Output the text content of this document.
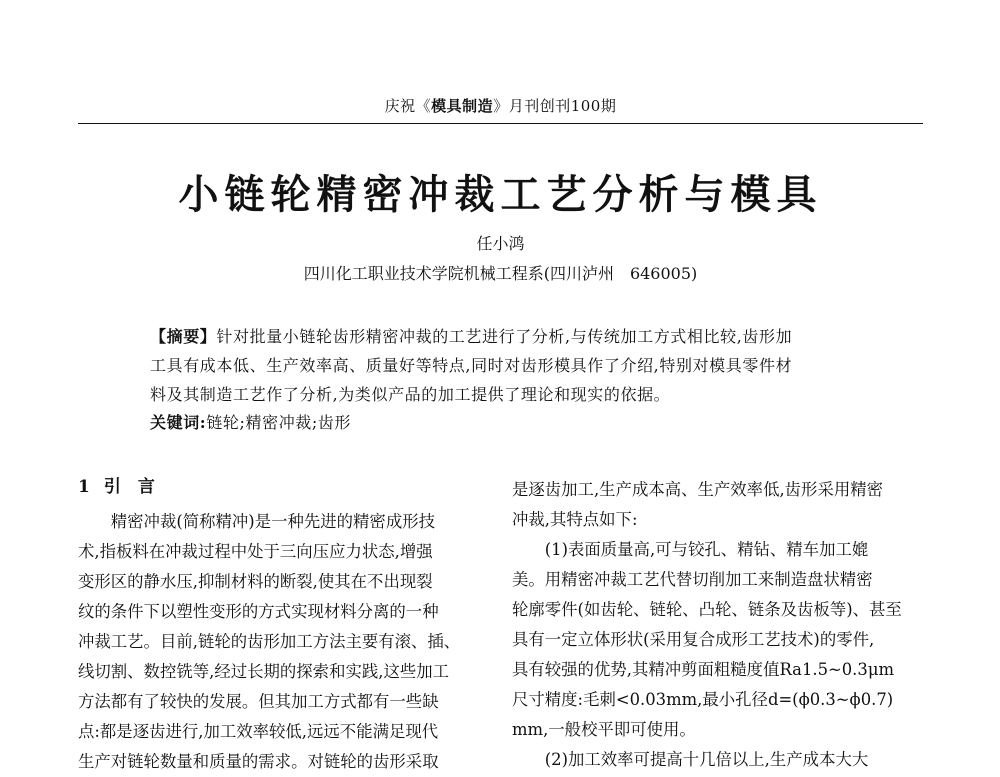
庆祝《模具制造》月刊创刊100期
小链轮精密冲裁工艺分析与模具
任小鸿
四川化工职业技术学院机械工程系(四川泸州　646005)
【摘要】针对批量小链轮齿形精密冲裁的工艺进行了分析,与传统加工方式相比较,齿形加
工具有成本低、生产效率高、质量好等特点,同时对齿形模具作了介绍,特别对模具零件材
料及其制造工艺作了分析,为类似产品的加工提供了理论和现实的依据。
关键词:链轮;精密冲裁;齿形
1 引　言
　　精密冲裁(简称精冲)是一种先进的精密成形技
术,指板料在冲裁过程中处于三向压应力状态,增强
变形区的静水压,抑制材料的断裂,使其在不出现裂
纹的条件下以塑性变形的方式实现材料分离的一种
冲裁工艺。目前,链轮的齿形加工方法主要有滚、插、
线切割、数控铣等,经过长期的探索和实践,这些加工
方法都有了较快的发展。但其加工方式都有一些缺
点:都是逐齿进行,加工效率较低,远远不能满足现代
生产对链轮数量和质量的需求。对链轮的齿形采取
是逐齿加工,生产成本高、生产效率低,齿形采用精密
冲裁,其特点如下:
　　(1)表面质量高,可与铰孔、精钻、精车加工媲
美。用精密冲裁工艺代替切削加工来制造盘状精密
轮廓零件(如齿轮、链轮、凸轮、链条及齿板等)、甚至
具有一定立体形状(采用复合成形工艺技术)的零件,
具有较强的优势,其精冲剪面粗糙度值Ra1.5~0.3μm
尺寸精度:毛刺<0.03mm,最小孔径d=(ϕ0.3~ϕ0.7)
mm,一般校平即可使用。
　　(2)加工效率可提高十几倍以上,生产成本大大
